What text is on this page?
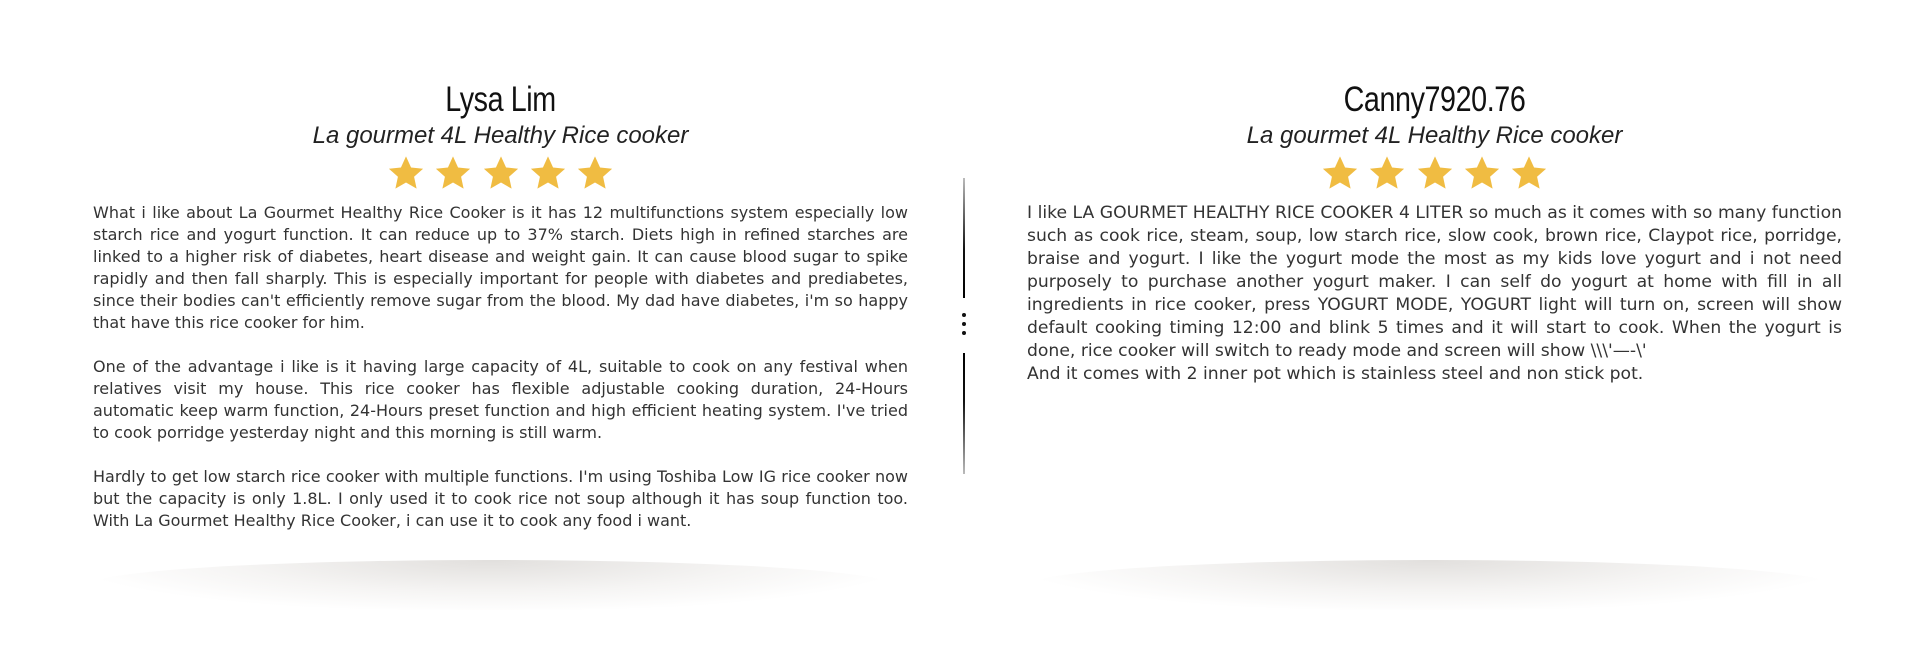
Lysa Lim
La gourmet 4L Healthy Rice cooker

What i like about La Gourmet Healthy Rice Cooker is it has 12 multifunctions system especially low starch rice and yogurt function. It can reduce up to 37% starch. Diets high in refined starches are linked to a higher risk of diabetes, heart disease and weight gain. It can cause blood sugar to spike rapidly and then fall sharply. This is especially important for people with diabetes and prediabetes, since their bodies can't efficiently remove sugar from the blood. My dad have diabetes, i'm so happy that have this rice cooker for him.

One of the advantage i like is it having large capacity of 4L, suitable to cook on any festival when relatives visit my house. This rice cooker has flexible adjustable cooking duration, 24-Hours automatic keep warm function, 24-Hours preset function and high efficient heating system. I've tried to cook porridge yesterday night and this morning is still warm.

Hardly to get low starch rice cooker with multiple functions. I'm using Toshiba Low IG rice cooker now but the capacity is only 1.8L. I only used it to cook rice not soup although it has soup function too. With La Gourmet Healthy Rice Cooker, i can use it to cook any food i want.

Canny7920.76
La gourmet 4L Healthy Rice cooker

I like LA GOURMET HEALTHY RICE COOKER 4 LITER so much as it comes with so many function such as cook rice, steam, soup, low starch rice, slow cook, brown rice, Claypot rice, porridge, braise and yogurt. I like the yogurt mode the most as my kids love yogurt and i not need purposely to purchase another yogurt maker. I can self do yogurt at home with fill in all ingredients in rice cooker, press YOGURT MODE, YOGURT light will turn on, screen will show default cooking timing 12:00 and blink 5 times and it will start to cook. When the yogurt is done, rice cooker will switch to ready mode and screen will show \\\'—-\'

And it comes with 2 inner pot which is stainless steel and non stick pot.
